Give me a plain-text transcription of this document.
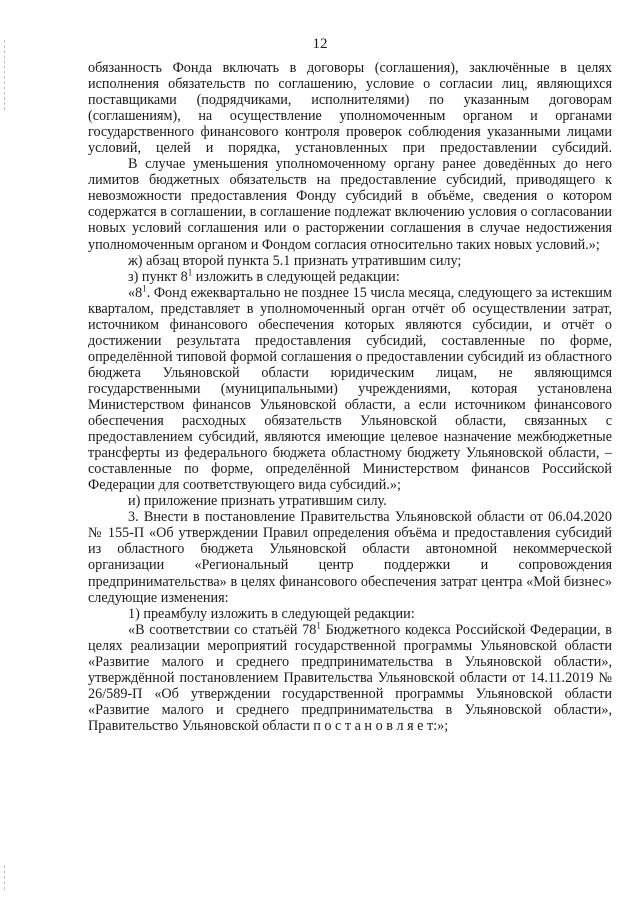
12

обязанность Фонда включать в договоры (соглашения), заключённые в целях исполнения обязательств по соглашению, условие о согласии лиц, являющихся поставщиками (подрядчиками, исполнителями) по указанным договорам (соглашениям), на осуществление уполномоченным органом и органами государственного финансового контроля проверок соблюдения указанными лицами условий, целей и порядка, установленных при предоставлении субсидий.

В случае уменьшения уполномоченному органу ранее доведённых до него лимитов бюджетных обязательств на предоставление субсидий, приводящего к невозможности предоставления Фонду субсидий в объёме, сведения о котором содержатся в соглашении, в соглашение подлежат включению условия о согласовании новых условий соглашения или о расторжении соглашения в случае недостижения уполномоченным органом и Фондом согласия относительно таких новых условий.»;

ж) абзац второй пункта 5.1 признать утратившим силу;

з) пункт $8^1$ изложить в следующей редакции:

«$8^1$. Фонд ежеквартально не позднее 15 числа месяца, следующего за истекшим кварталом, представляет в уполномоченный орган отчёт об осуществлении затрат, источником финансового обеспечения которых являются субсидии, и отчёт о достижении результата предоставления субсидий, составленные по форме, определённой типовой формой соглашения о предоставлении субсидий из областного бюджета Ульяновской области юридическим лицам, не являющимся государственными (муниципальными) учреждениями, которая установлена Министерством финансов Ульяновской области, а если источником финансового обеспечения расходных обязательств Ульяновской области, связанных с предоставлением субсидий, являются имеющие целевое назначение межбюджетные трансферты из федерального бюджета областному бюджету Ульяновской области, – составленные по форме, определённой Министерством финансов Российской Федерации для соответствующего вида субсидий.»;

и) приложение признать утратившим силу.

3. Внести в постановление Правительства Ульяновской области от 06.04.2020 № 155-П «Об утверждении Правил определения объёма и предоставления субсидий из областного бюджета Ульяновской области автономной некоммерческой организации «Региональный центр поддержки и сопровождения предпринимательства» в целях финансового обеспечения затрат центра «Мой бизнес» следующие изменения:

1) преамбулу изложить в следующей редакции:

«В соответствии со статьёй $78^1$ Бюджетного кодекса Российской Федерации, в целях реализации мероприятий государственной программы Ульяновской области «Развитие малого и среднего предпринимательства в Ульяновской области», утверждённой постановлением Правительства Ульяновской области от 14.11.2019 № 26/589-П «Об утверждении государственной программы Ульяновской области «Развитие малого и среднего предпринимательства в Ульяновской области», Правительство Ульяновской области п о с т а н о в л я е т:»;
